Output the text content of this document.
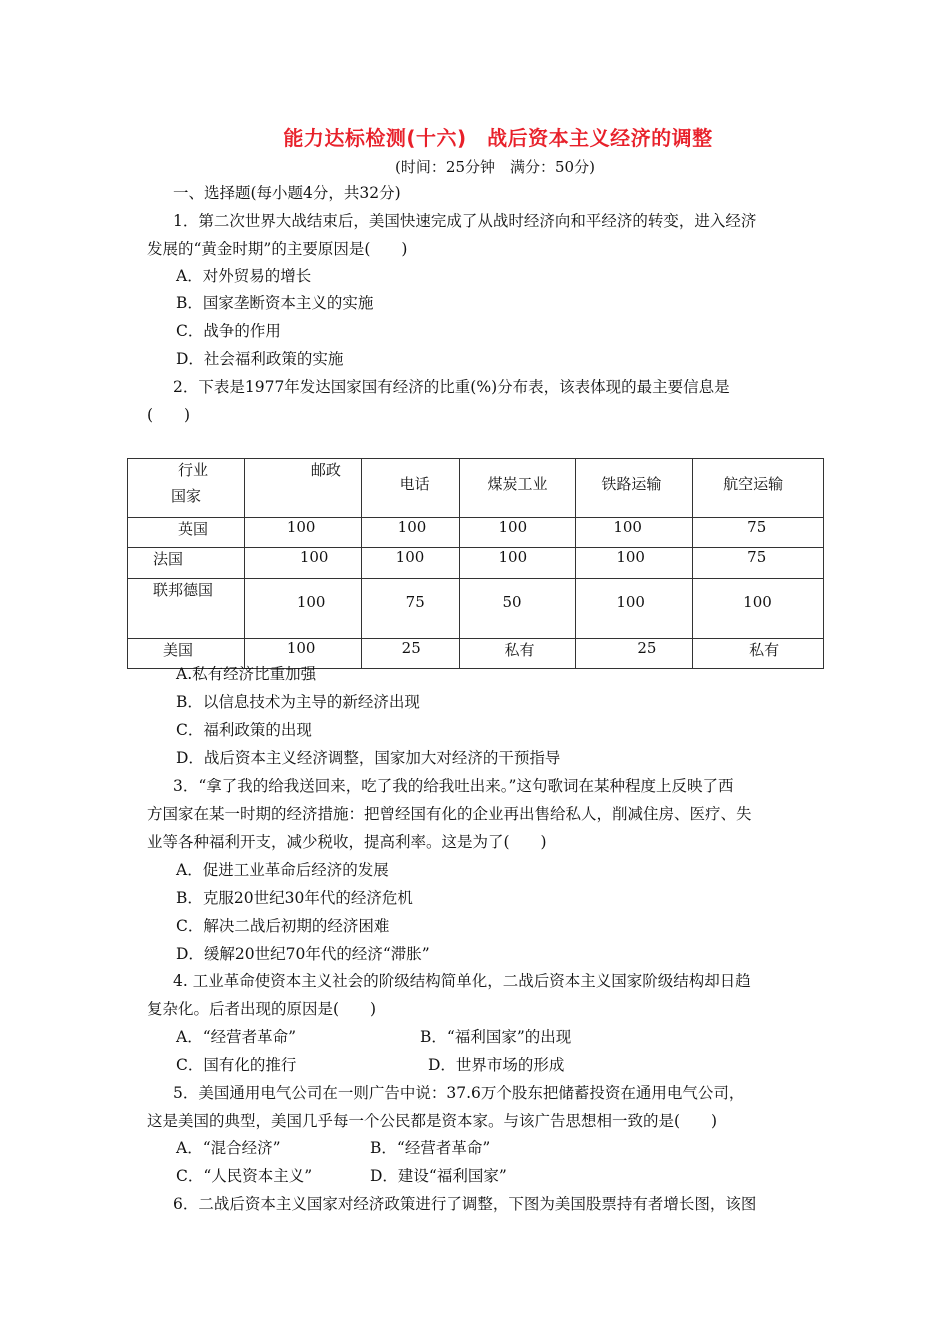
能力达标检测(十六)　战后资本主义经济的调整
(时间：25分钟　满分：50分)
一、选择题(每小题4分，共32分)
1．第二次世界大战结束后，美国快速完成了从战时经济向和平经济的转变，进入经济
发展的“黄金时期”的主要原因是(　　)
A．对外贸易的增长
B．国家垄断资本主义的实施
C．战争的作用
D．社会福利政策的实施
2．下表是1977年发达国家国有经济的比重(%)分布表，该表体现的最主要信息是
(　　)
行业
国家	邮政	电话	煤炭工业	铁路运输	航空运输

英国	100	100	100	100	75

法国	100	100	100	100	75

联邦德国	100	75	50	100	100

美国	100	25	私有	25	私有
A.私有经济比重加强
B．以信息技术为主导的新经济出现
C．福利政策的出现
D．战后资本主义经济调整，国家加大对经济的干预指导
3．“拿了我的给我送回来，吃了我的给我吐出来。”这句歌词在某种程度上反映了西
方国家在某一时期的经济措施：把曾经国有化的企业再出售给私人，削减住房、医疗、失
业等各种福利开支，减少税收，提高利率。这是为了(　　)
A．促进工业革命后经济的发展
B．克服20世纪30年代的经济危机
C．解决二战后初期的经济困难
D．缓解20世纪70年代的经济“滞胀”
4. 工业革命使资本主义社会的阶级结构简单化，二战后资本主义国家阶级结构却日趋
复杂化。后者出现的原因是(　　)
A．“经营者革命”	B．“福利国家”的出现
C．国有化的推行	D．世界市场的形成
5．美国通用电气公司在一则广告中说：37.6万个股东把储蓄投资在通用电气公司，
这是美国的典型，美国几乎每一个公民都是资本家。与该广告思想相一致的是(　　)
A．“混合经济”	B．“经营者革命”
C．“人民资本主义”	D．建设“福利国家”
6．二战后资本主义国家对经济政策进行了调整，下图为美国股票持有者增长图，该图
